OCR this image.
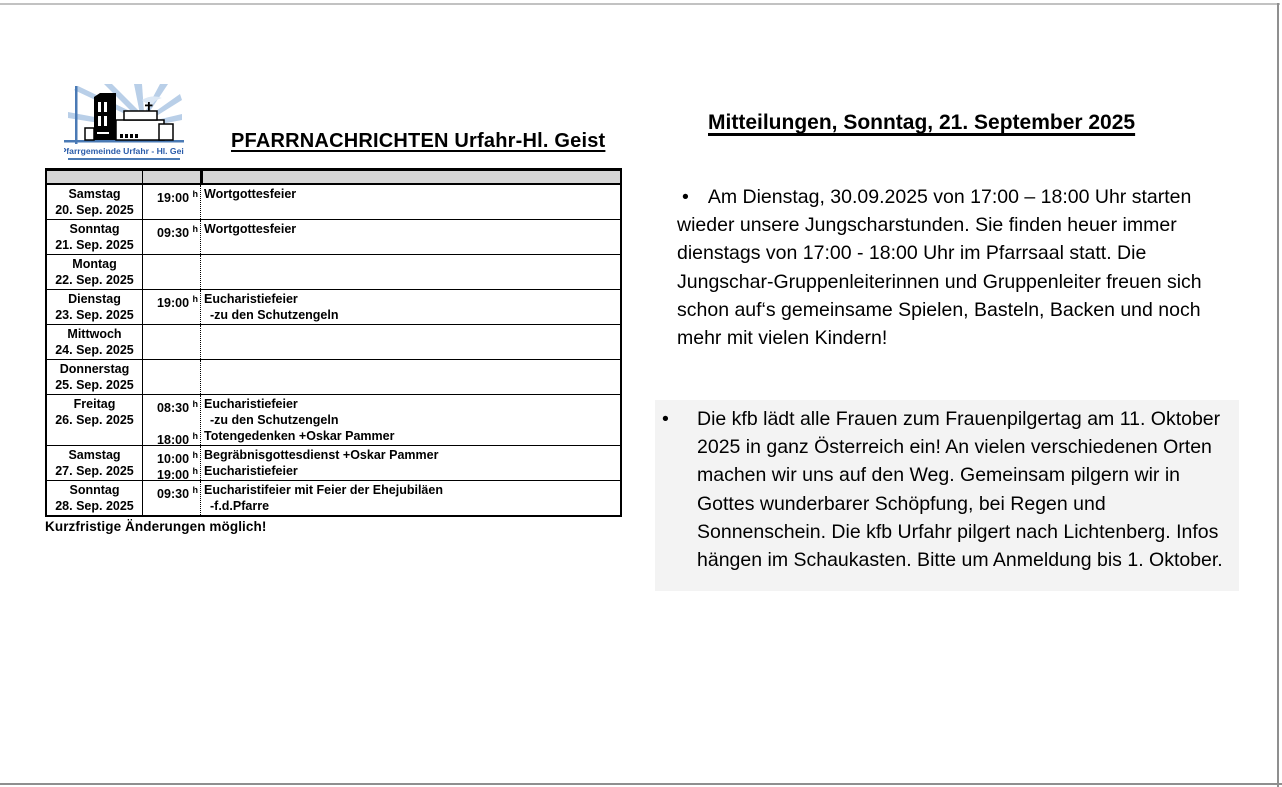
Pfarrgemeinde Urfahr - Hl. Geist PFARRNACHRICHTEN Urfahr-Hl. Geist
Samstag
20. Sep. 2025
19:00 $^h$ Wortgottesfeier
Sonntag
21. Sep. 2025
09:30 $^h$ Wortgottesfeier
Montag
22. Sep. 2025
Dienstag
23. Sep. 2025
19:00 $^h$ Eucharistiefeier
-zu den Schutzengeln
Mittwoch
24. Sep. 2025
Donnerstag
25. Sep. 2025
Freitag
26. Sep. 2025
08:30 $^h$
18:00 $^h$
Eucharistiefeier
-zu den Schutzengeln
Totengedenken +Oskar Pammer
Samstag
27. Sep. 2025
10:00 $^h$
19:00 $^h$
Begräbnisgottesdienst +Oskar Pammer
Eucharistiefeier
Sonntag
28. Sep. 2025
09:30 $^h$ Eucharistifeier mit Feier der Ehejubiläen
-f.d.Pfarre
Kurzfristige Änderungen möglich!
Mitteilungen, Sonntag, 21. September 2025

• Am Dienstag, 30.09.2025 von 17:00 – 18:00 Uhr starten wieder unsere Jungscharstunden. Sie finden heuer immer dienstags von 17:00 - 18:00 Uhr im Pfarrsaal statt. Die Jungschar-Gruppenleiterinnen und Gruppenleiter freuen sich schon auf‘s gemeinsame Spielen, Basteln, Backen und noch mehr mit vielen Kindern!

•	Die kfb lädt alle Frauen zum Frauenpilgertag am 11. Oktober 2025 in ganz Österreich ein! An vielen verschiedenen Orten machen wir uns auf den Weg. Gemeinsam pilgern wir in Gottes wunderbarer Schöpfung, bei Regen und Sonnenschein. Die kfb Urfahr pilgert nach Lichtenberg. Infos hängen im Schaukasten. Bitte um Anmeldung bis 1. Oktober.
